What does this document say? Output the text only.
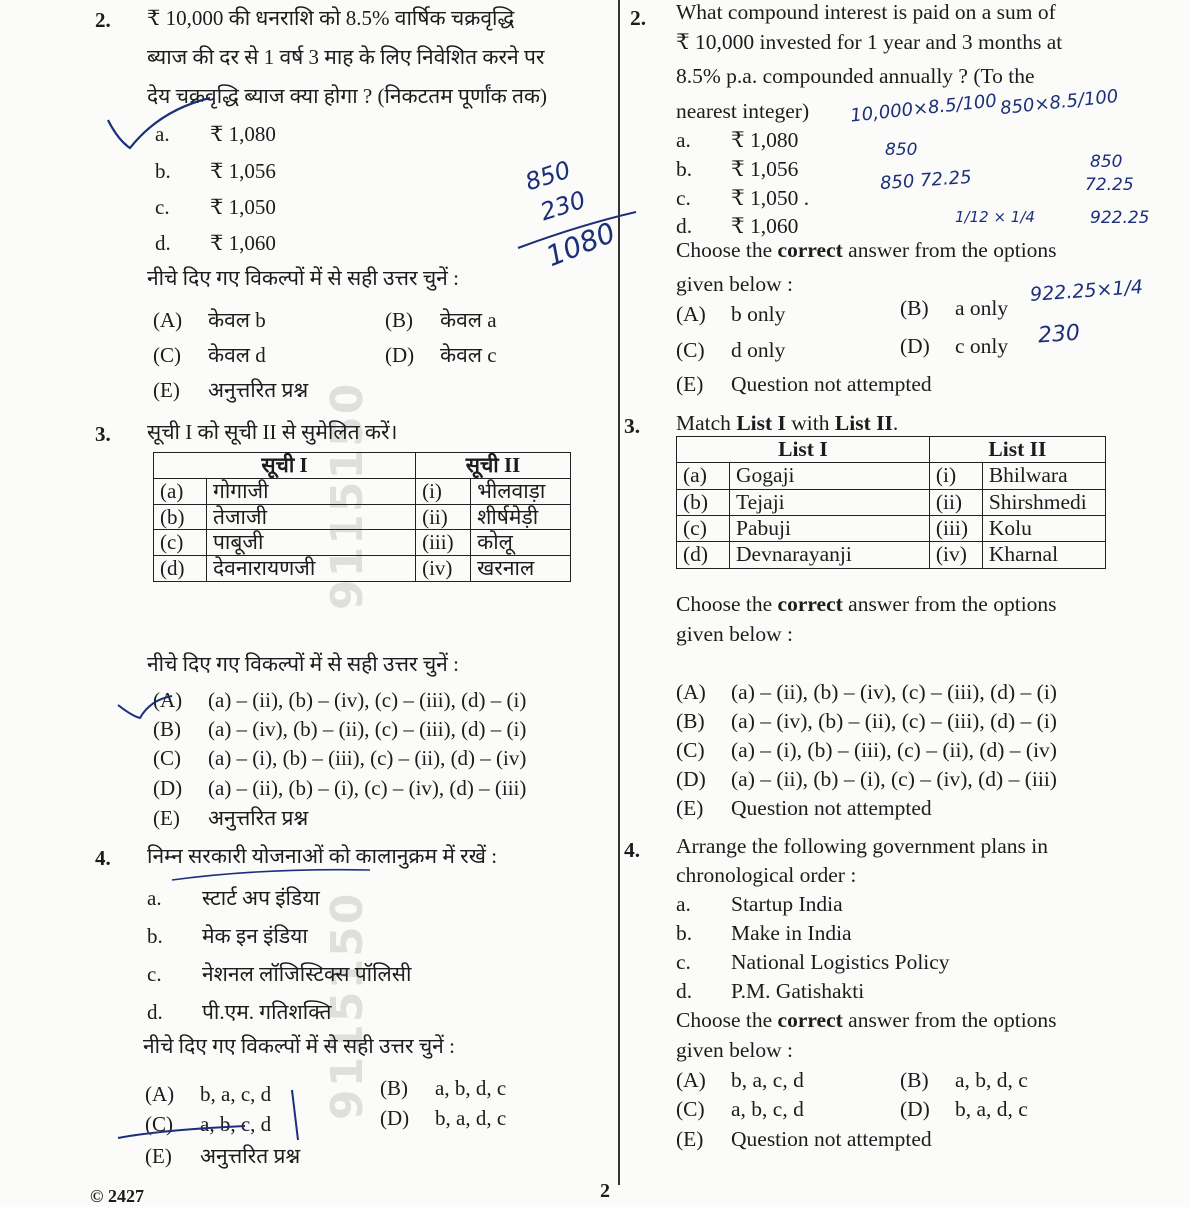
9115150
9115150
2. ₹ 10,000 की धनराशि को 8.5% वार्षिक चक्रवृद्धि
ब्याज की दर से 1 वर्ष 3 माह के लिए निवेशित करने पर
देय चक्रवृद्धि ब्याज क्या होगा ? (निकटतम पूर्णांक तक)
a. ₹ 1,080
b. ₹ 1,056
c. ₹ 1,050
d. ₹ 1,060
नीचे दिए गए विकल्पों में से सही उत्तर चुनें :
(A) केवल b	(B) केवल a
(C) केवल d	(D) केवल c
(E) अनुत्तरित प्रश्न
3. सूची I को सूची II से सुमेलित करें।
सूची I		सूची II	
(a)	गोगाजी	(i)	भीलवाड़ा
(b)	तेजाजी	(ii)	शीर्षमेड़ी
(c)	पाबूजी	(iii)	कोलू
(d)	देवनारायणजी	(iv)	खरनाल
नीचे दिए गए विकल्पों में से सही उत्तर चुनें :
(A) (a) – (ii), (b) – (iv), (c) – (iii), (d) – (i)
(B) (a) – (iv), (b) – (ii), (c) – (iii), (d) – (i)
(C) (a) – (i), (b) – (iii), (c) – (ii), (d) – (iv)
(D) (a) – (ii), (b) – (i), (c) – (iv), (d) – (iii)
(E) अनुत्तरित प्रश्न
4. निम्न सरकारी योजनाओं को कालानुक्रम में रखें :
a. स्टार्ट अप इंडिया
b. मेक इन इंडिया
c. नेशनल लॉजिस्टिक्स पॉलिसी
d. पी.एम. गतिशक्ति
नीचे दिए गए विकल्पों में से सही उत्तर चुनें :
(A) b, a, c, d	(B) a, b, d, c
(C) a, b, c, d	(D) b, a, d, c
(E) अनुत्तरित प्रश्न
2. What compound interest is paid on a sum of
₹ 10,000 invested for 1 year and 3 months at
8.5% p.a. compounded annually ? (To the
nearest integer)
a. ₹ 1,080
b. ₹ 1,056
c. ₹ 1,050 .
d. ₹ 1,060
Choose the correct answer from the options
given below :
(A) b only	(B) a only
(C) d only	(D) c only
(E) Question not attempted
3. Match List I with List II.
List I		List II	
(a)	Gogaji	(i)	Bhilwara
(b)	Tejaji	(ii)	Shirshmedi
(c)	Pabuji	(iii)	Kolu
(d)	Devnarayanji	(iv)	Kharnal
Choose the correct answer from the options
given below :
(A) (a) – (ii), (b) – (iv), (c) – (iii), (d) – (i)
(B) (a) – (iv), (b) – (ii), (c) – (iii), (d) – (i)
(C) (a) – (i), (b) – (iii), (c) – (ii), (d) – (iv)
(D) (a) – (ii), (b) – (i), (c) – (iv), (d) – (iii)
(E) Question not attempted
4. Arrange the following government plans in
chronological order :
a. Startup India
b. Make in India
c. National Logistics Policy
d. P.M. Gatishakti
Choose the correct answer from the options
given below :
(A) b, a, c, d	(B) a, b, d, c
(C) a, b, c, d	(D) b, a, d, c
(E) Question not attempted
850
230
1080
10,000×8.5/100 850×8.5/100
850
850 72.25
1/12 × 1/4
850
72.25
922.25
922.25×1/4
230
2
© 2427
